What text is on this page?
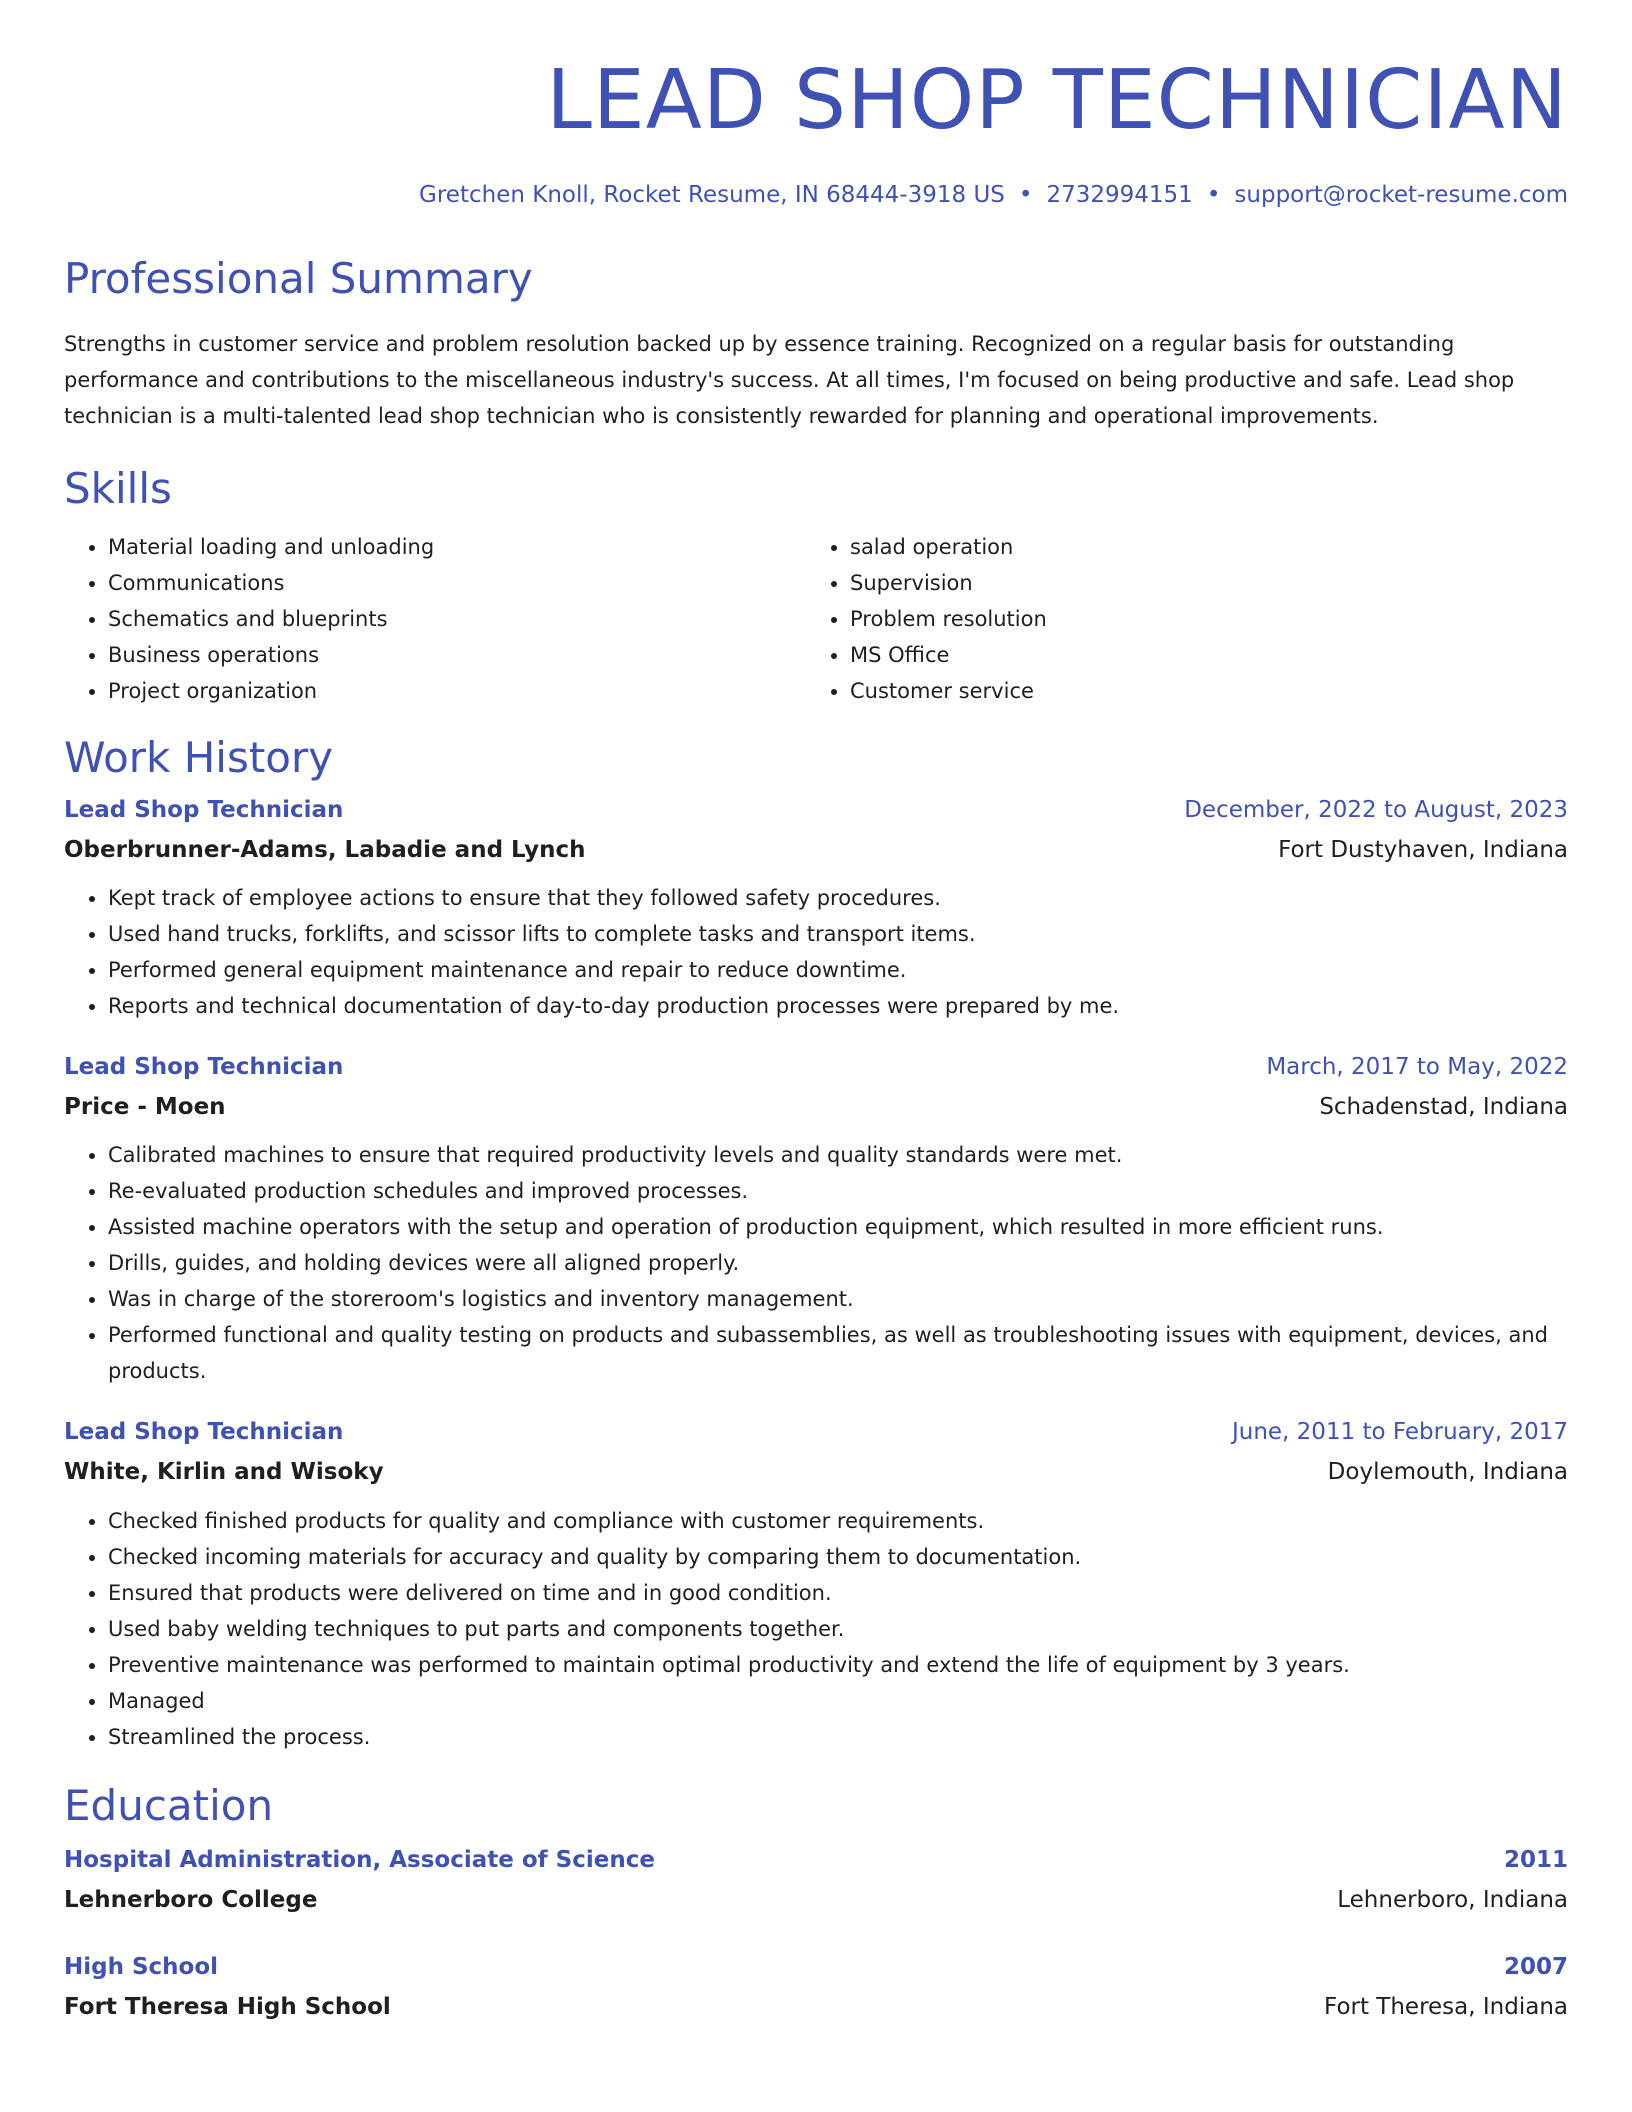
LEAD SHOP TECHNICIAN
Gretchen Knoll, Rocket Resume, IN 68444-3918 US • 2732994151 • support@rocket-resume.com
Professional Summary
Strengths in customer service and problem resolution backed up by essence training. Recognized on a regular basis for outstanding performance and contributions to the miscellaneous industry's success. At all times, I'm focused on being productive and safe. Lead shop technician is a multi-talented lead shop technician who is consistently rewarded for planning and operational improvements.
Skills
• Material loading and unloading
• Communications
• Schematics and blueprints
• Business operations
• Project organization
• salad operation
• Supervision
• Problem resolution
• MS Office
• Customer service
Work History
Lead Shop Technician	December, 2022 to August, 2023
Oberbrunner-Adams, Labadie and Lynch	Fort Dustyhaven, Indiana
• Kept track of employee actions to ensure that they followed safety procedures.
• Used hand trucks, forklifts, and scissor lifts to complete tasks and transport items.
• Performed general equipment maintenance and repair to reduce downtime.
• Reports and technical documentation of day-to-day production processes were prepared by me.
Lead Shop Technician	March, 2017 to May, 2022
Price - Moen	Schadenstad, Indiana
• Calibrated machines to ensure that required productivity levels and quality standards were met.
• Re-evaluated production schedules and improved processes.
• Assisted machine operators with the setup and operation of production equipment, which resulted in more efficient runs.
• Drills, guides, and holding devices were all aligned properly.
• Was in charge of the storeroom's logistics and inventory management.
• Performed functional and quality testing on products and subassemblies, as well as troubleshooting issues with equipment, devices, and products.
Lead Shop Technician	June, 2011 to February, 2017
White, Kirlin and Wisoky	Doylemouth, Indiana
• Checked finished products for quality and compliance with customer requirements.
• Checked incoming materials for accuracy and quality by comparing them to documentation.
• Ensured that products were delivered on time and in good condition.
• Used baby welding techniques to put parts and components together.
• Preventive maintenance was performed to maintain optimal productivity and extend the life of equipment by 3 years.
• Managed
• Streamlined the process.
Education
Hospital Administration, Associate of Science	2011
Lehnerboro College	Lehnerboro, Indiana
High School	2007
Fort Theresa High School	Fort Theresa, Indiana
